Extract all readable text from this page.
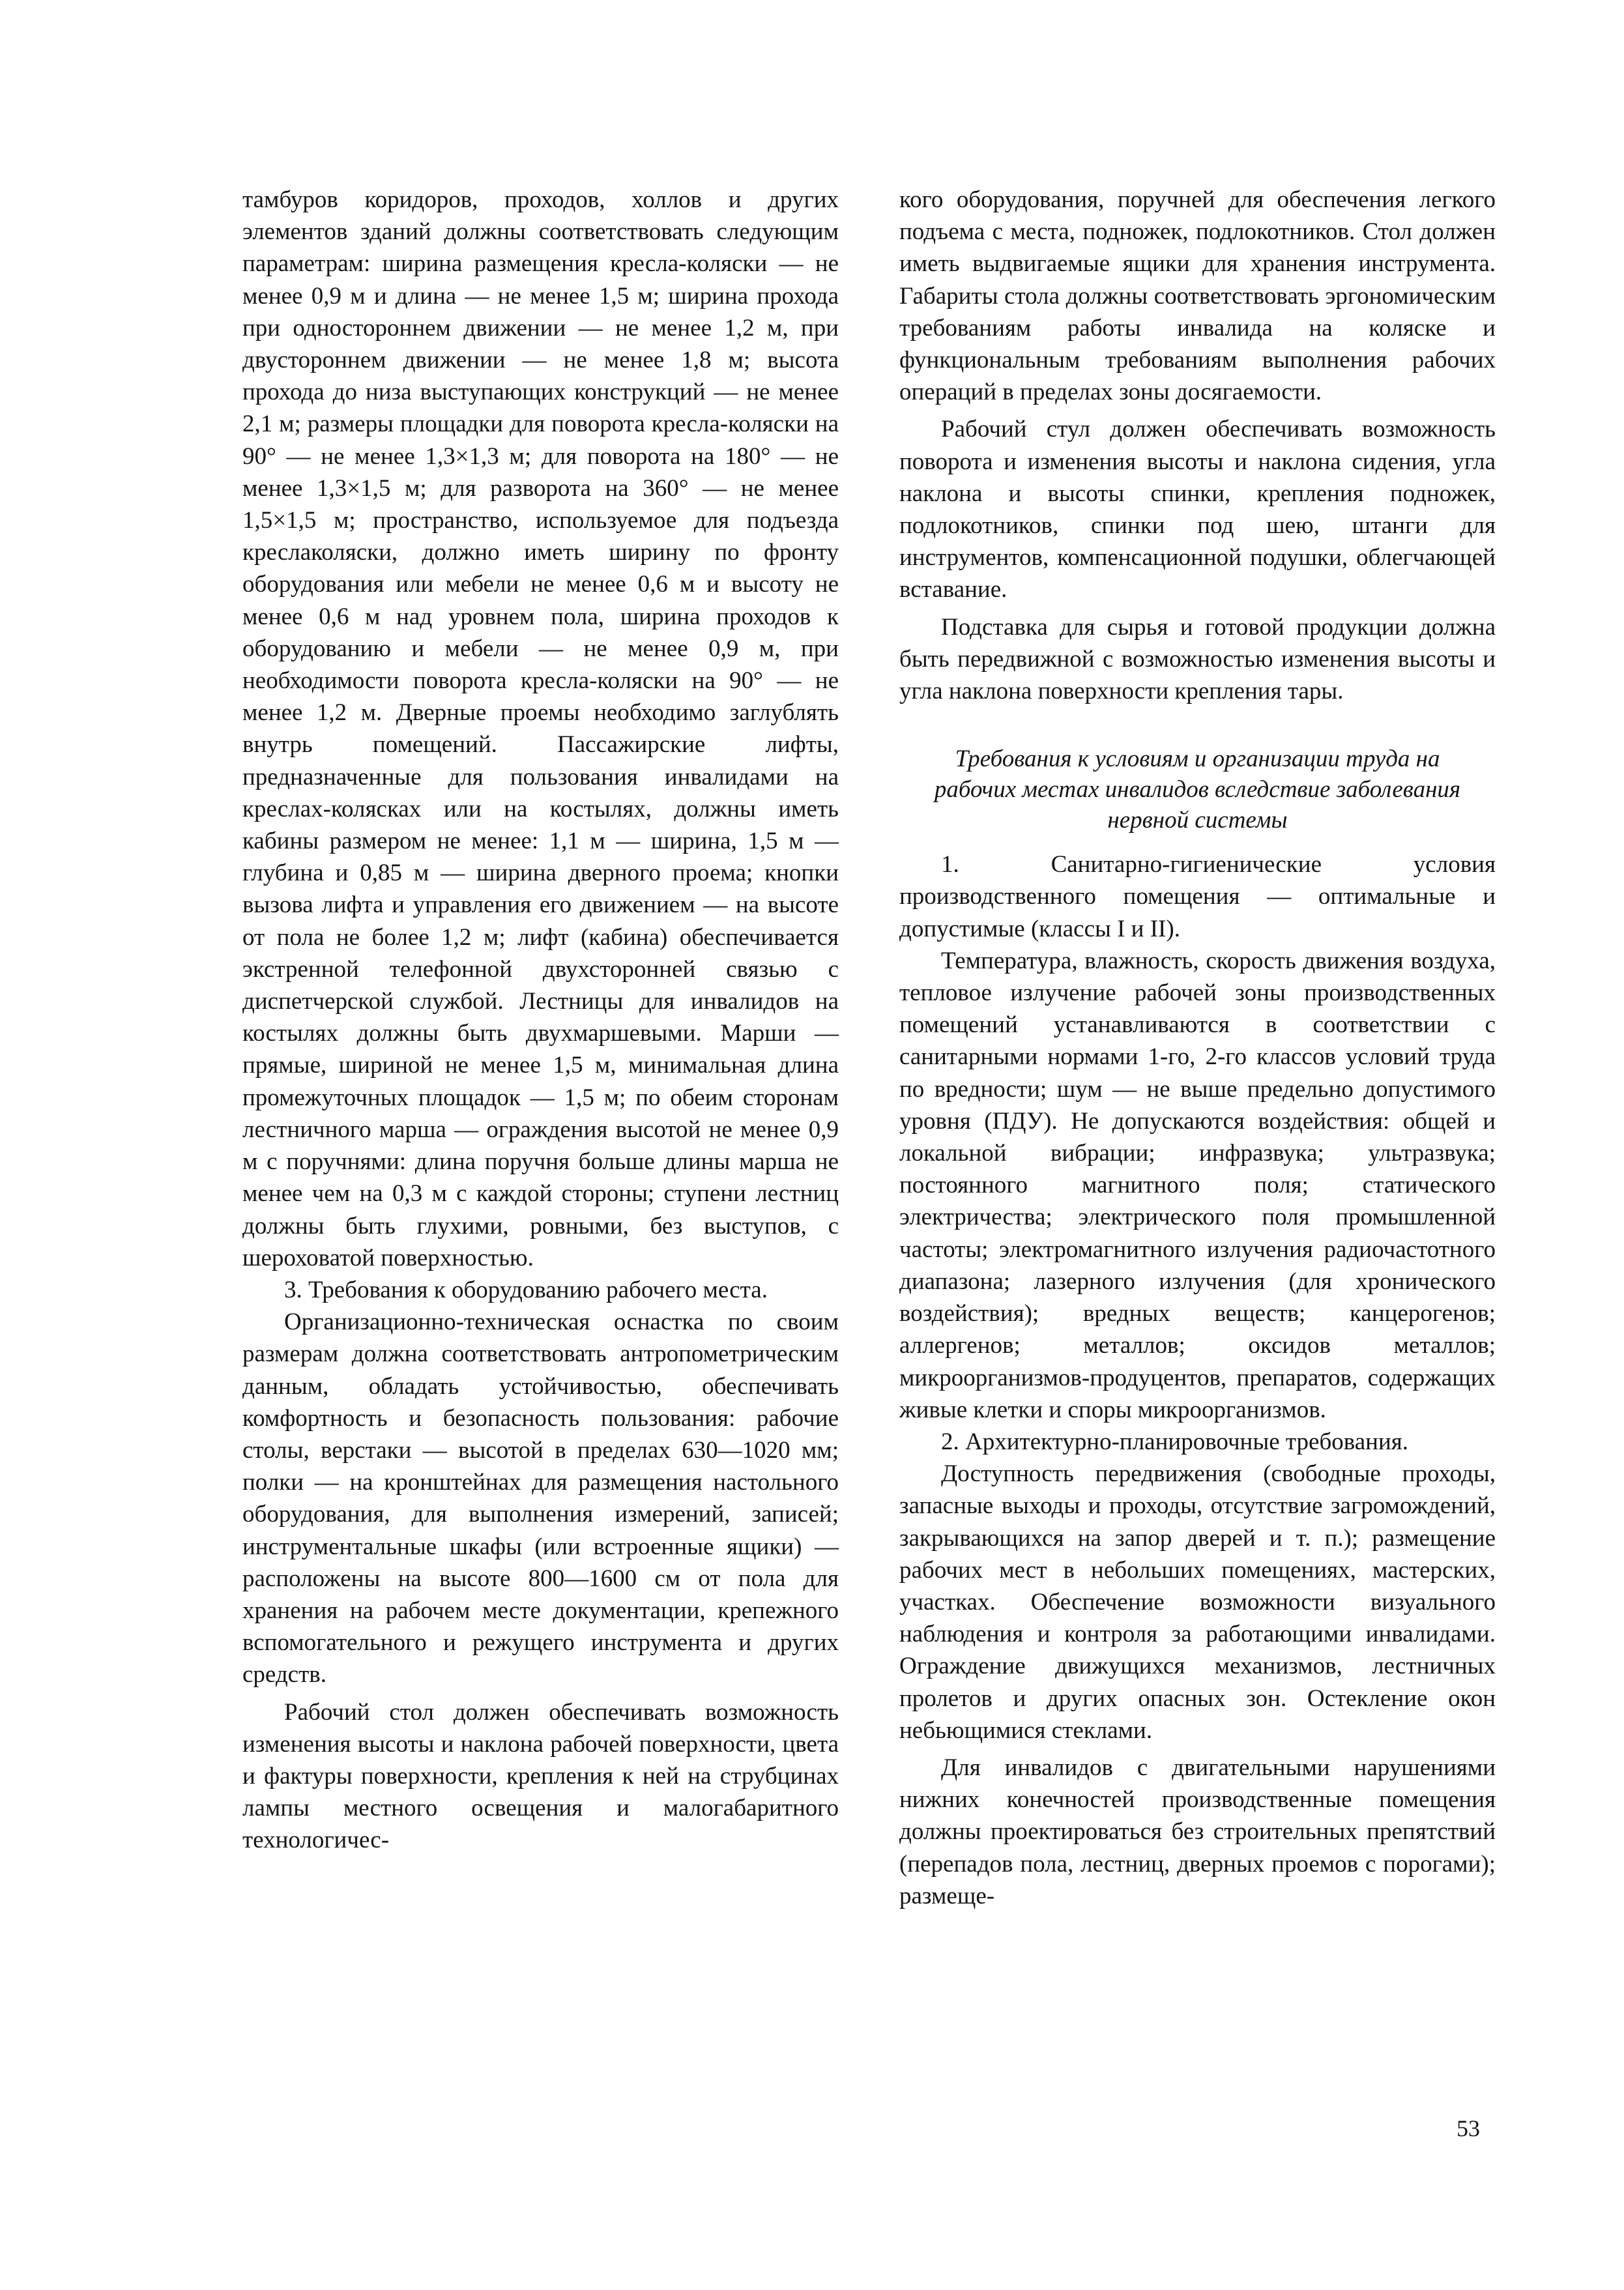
тамбуров коридоров, проходов, холлов и других элементов зданий должны соответствовать следующим параметрам: ширина размещения кресла-коляски — не менее 0,9 м и длина — не менее 1,5 м; ширина прохода при одностороннем движении — не менее 1,2 м, при двустороннем движении — не менее 1,8 м; высота прохода до низа выступающих конструкций — не менее 2,1 м; размеры площадки для поворота кресла-коляски на 90° — не менее 1,3×1,3 м; для поворота на 180° — не менее 1,3×1,5 м; для разворота на 360° — не менее 1,5×1,5 м; пространство, используемое для подъезда креслаколяски, должно иметь ширину по фронту оборудования или мебели не менее 0,6 м и высоту не менее 0,6 м над уровнем пола, ширина проходов к оборудованию и мебели — не менее 0,9 м, при необходимости поворота кресла-коляски на 90° — не менее 1,2 м. Дверные проемы необходимо заглублять внутрь помещений. Пассажирские лифты, предназначенные для пользования инвалидами на креслах-колясках или на костылях, должны иметь кабины размером не менее: 1,1 м — ширина, 1,5 м — глубина и 0,85 м — ширина дверного проема; кнопки вызова лифта и управления его движением — на высоте от пола не более 1,2 м; лифт (кабина) обеспечивается экстренной телефонной двухсторонней связью с диспетчерской службой. Лестницы для инвалидов на костылях должны быть двухмаршевыми. Марши — прямые, шириной не менее 1,5 м, минимальная длина промежуточных площадок — 1,5 м; по обеим сторонам лестничного марша — ограждения высотой не менее 0,9 м с поручнями: длина поручня больше длины марша не менее чем на 0,3 м с каждой стороны; ступени лестниц должны быть глухими, ровными, без выступов, с шероховатой поверхностью.

3. Требования к оборудованию рабочего места.

Организационно-техническая оснастка по своим размерам должна соответствовать антропометрическим данным, обладать устойчивостью, обеспечивать комфортность и безопасность пользования: рабочие столы, верстаки — высотой в пределах 630—1020 мм; полки — на кронштейнах для размещения настольного оборудования, для выполнения измерений, записей; инструментальные шкафы (или встроенные ящики) — расположены на высоте 800—1600 см от пола для хранения на рабочем месте документации, крепежного вспомогательного и режущего инструмента и других средств.

Рабочий стол должен обеспечивать возможность изменения высоты и наклона рабочей поверхности, цвета и фактуры поверхности, крепления к ней на струбцинах лампы местного освещения и малогабаритного технологичес-

кого оборудования, поручней для обеспечения легкого подъема с места, подножек, подлокотников. Стол должен иметь выдвигаемые ящики для хранения инструмента. Габариты стола должны соответствовать эргономическим требованиям работы инвалида на коляске и функциональным требованиям выполнения рабочих операций в пределах зоны досягаемости.

Рабочий стул должен обеспечивать возможность поворота и изменения высоты и наклона сидения, угла наклона и высоты спинки, крепления подножек, подлокотников, спинки под шею, штанги для инструментов, компенсационной подушки, облегчающей вставание.

Подставка для сырья и готовой продукции должна быть передвижной с возможностью изменения высоты и угла наклона поверхности крепления тары.

Требования к условиям и организации труда на рабочих местах инвалидов вследствие заболевания нервной системы

1. Санитарно-гигиенические условия производственного помещения — оптимальные и допустимые (классы I и II).

Температура, влажность, скорость движения воздуха, тепловое излучение рабочей зоны производственных помещений устанавливаются в соответствии с санитарными нормами 1-го, 2-го классов условий труда по вредности; шум — не выше предельно допустимого уровня (ПДУ). Не допускаются воздействия: общей и локальной вибрации; инфразвука; ультразвука; постоянного магнитного поля; статического электричества; электрического поля промышленной частоты; электромагнитного излучения радиочастотного диапазона; лазерного излучения (для хронического воздействия); вредных веществ; канцерогенов; аллергенов; металлов; оксидов металлов; микроорганизмов-продуцентов, препаратов, содержащих живые клетки и споры микроорганизмов.

2. Архитектурно-планировочные требования.

Доступность передвижения (свободные проходы, запасные выходы и проходы, отсутствие загромождений, закрывающихся на запор дверей и т. п.); размещение рабочих мест в небольших помещениях, мастерских, участках. Обеспечение возможности визуального наблюдения и контроля за работающими инвалидами. Ограждение движущихся механизмов, лестничных пролетов и других опасных зон. Остекление окон небьющимися стеклами.

Для инвалидов с двигательными нарушениями нижних конечностей производственные помещения должны проектироваться без строительных препятствий (перепадов пола, лестниц, дверных проемов с порогами); размеще-

53
